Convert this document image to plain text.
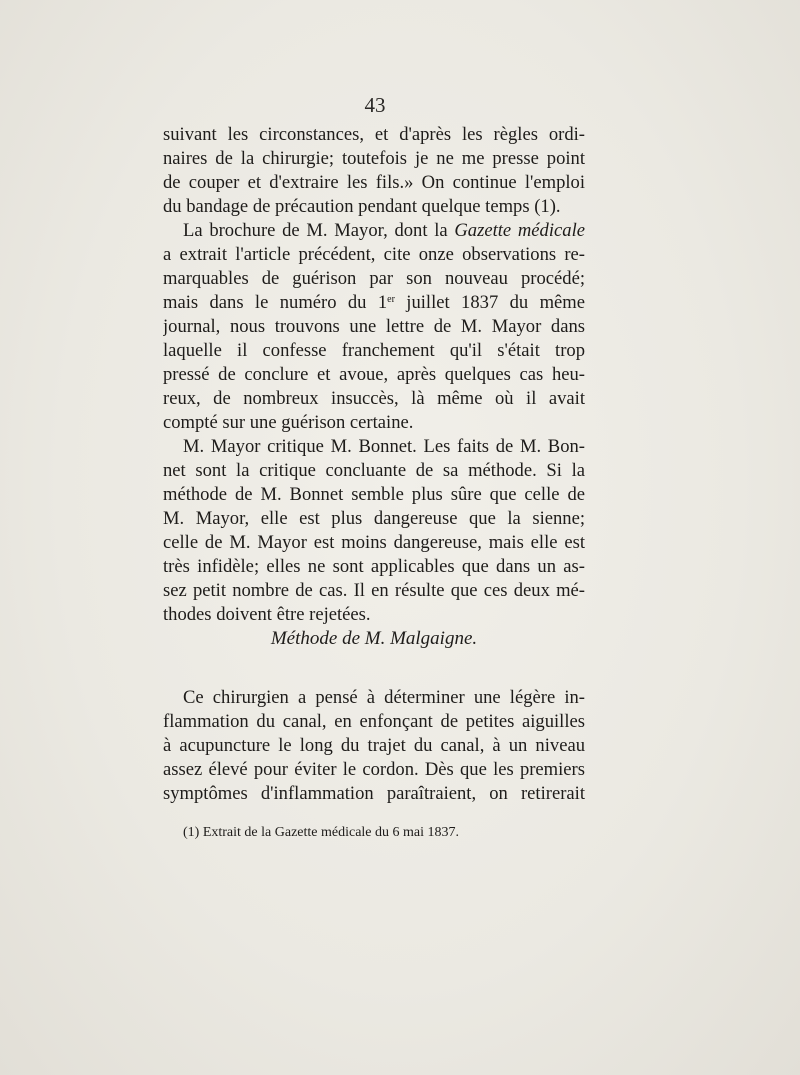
43
suivant les circonstances, et d'après les règles ordi-
naires de la chirurgie; toutefois je ne me presse point
de couper et d'extraire les fils.» On continue l'emploi
du bandage de précaution pendant quelque temps (1).
La brochure de M. Mayor, dont la Gazette médicale
a extrait l'article précédent, cite onze observations re-
marquables de guérison par son nouveau procédé;
mais dans le numéro du 1er juillet 1837 du même
journal, nous trouvons une lettre de M. Mayor dans
laquelle il confesse franchement qu'il s'était trop
pressé de conclure et avoue, après quelques cas heu-
reux, de nombreux insuccès, là même où il avait
compté sur une guérison certaine.
M. Mayor critique M. Bonnet. Les faits de M. Bon-
net sont la critique concluante de sa méthode. Si la
méthode de M. Bonnet semble plus sûre que celle de
M. Mayor, elle est plus dangereuse que la sienne;
celle de M. Mayor est moins dangereuse, mais elle est
très infidèle; elles ne sont applicables que dans un as-
sez petit nombre de cas. Il en résulte que ces deux mé-
thodes doivent être rejetées.
Méthode de M. Malgaigne.
Ce chirurgien a pensé à déterminer une légère in-
flammation du canal, en enfonçant de petites aiguilles
à acupuncture le long du trajet du canal, à un niveau
assez élevé pour éviter le cordon. Dès que les premiers
symptômes d'inflammation paraîtraient, on retirerait
(1) Extrait de la Gazette médicale du 6 mai 1837.
